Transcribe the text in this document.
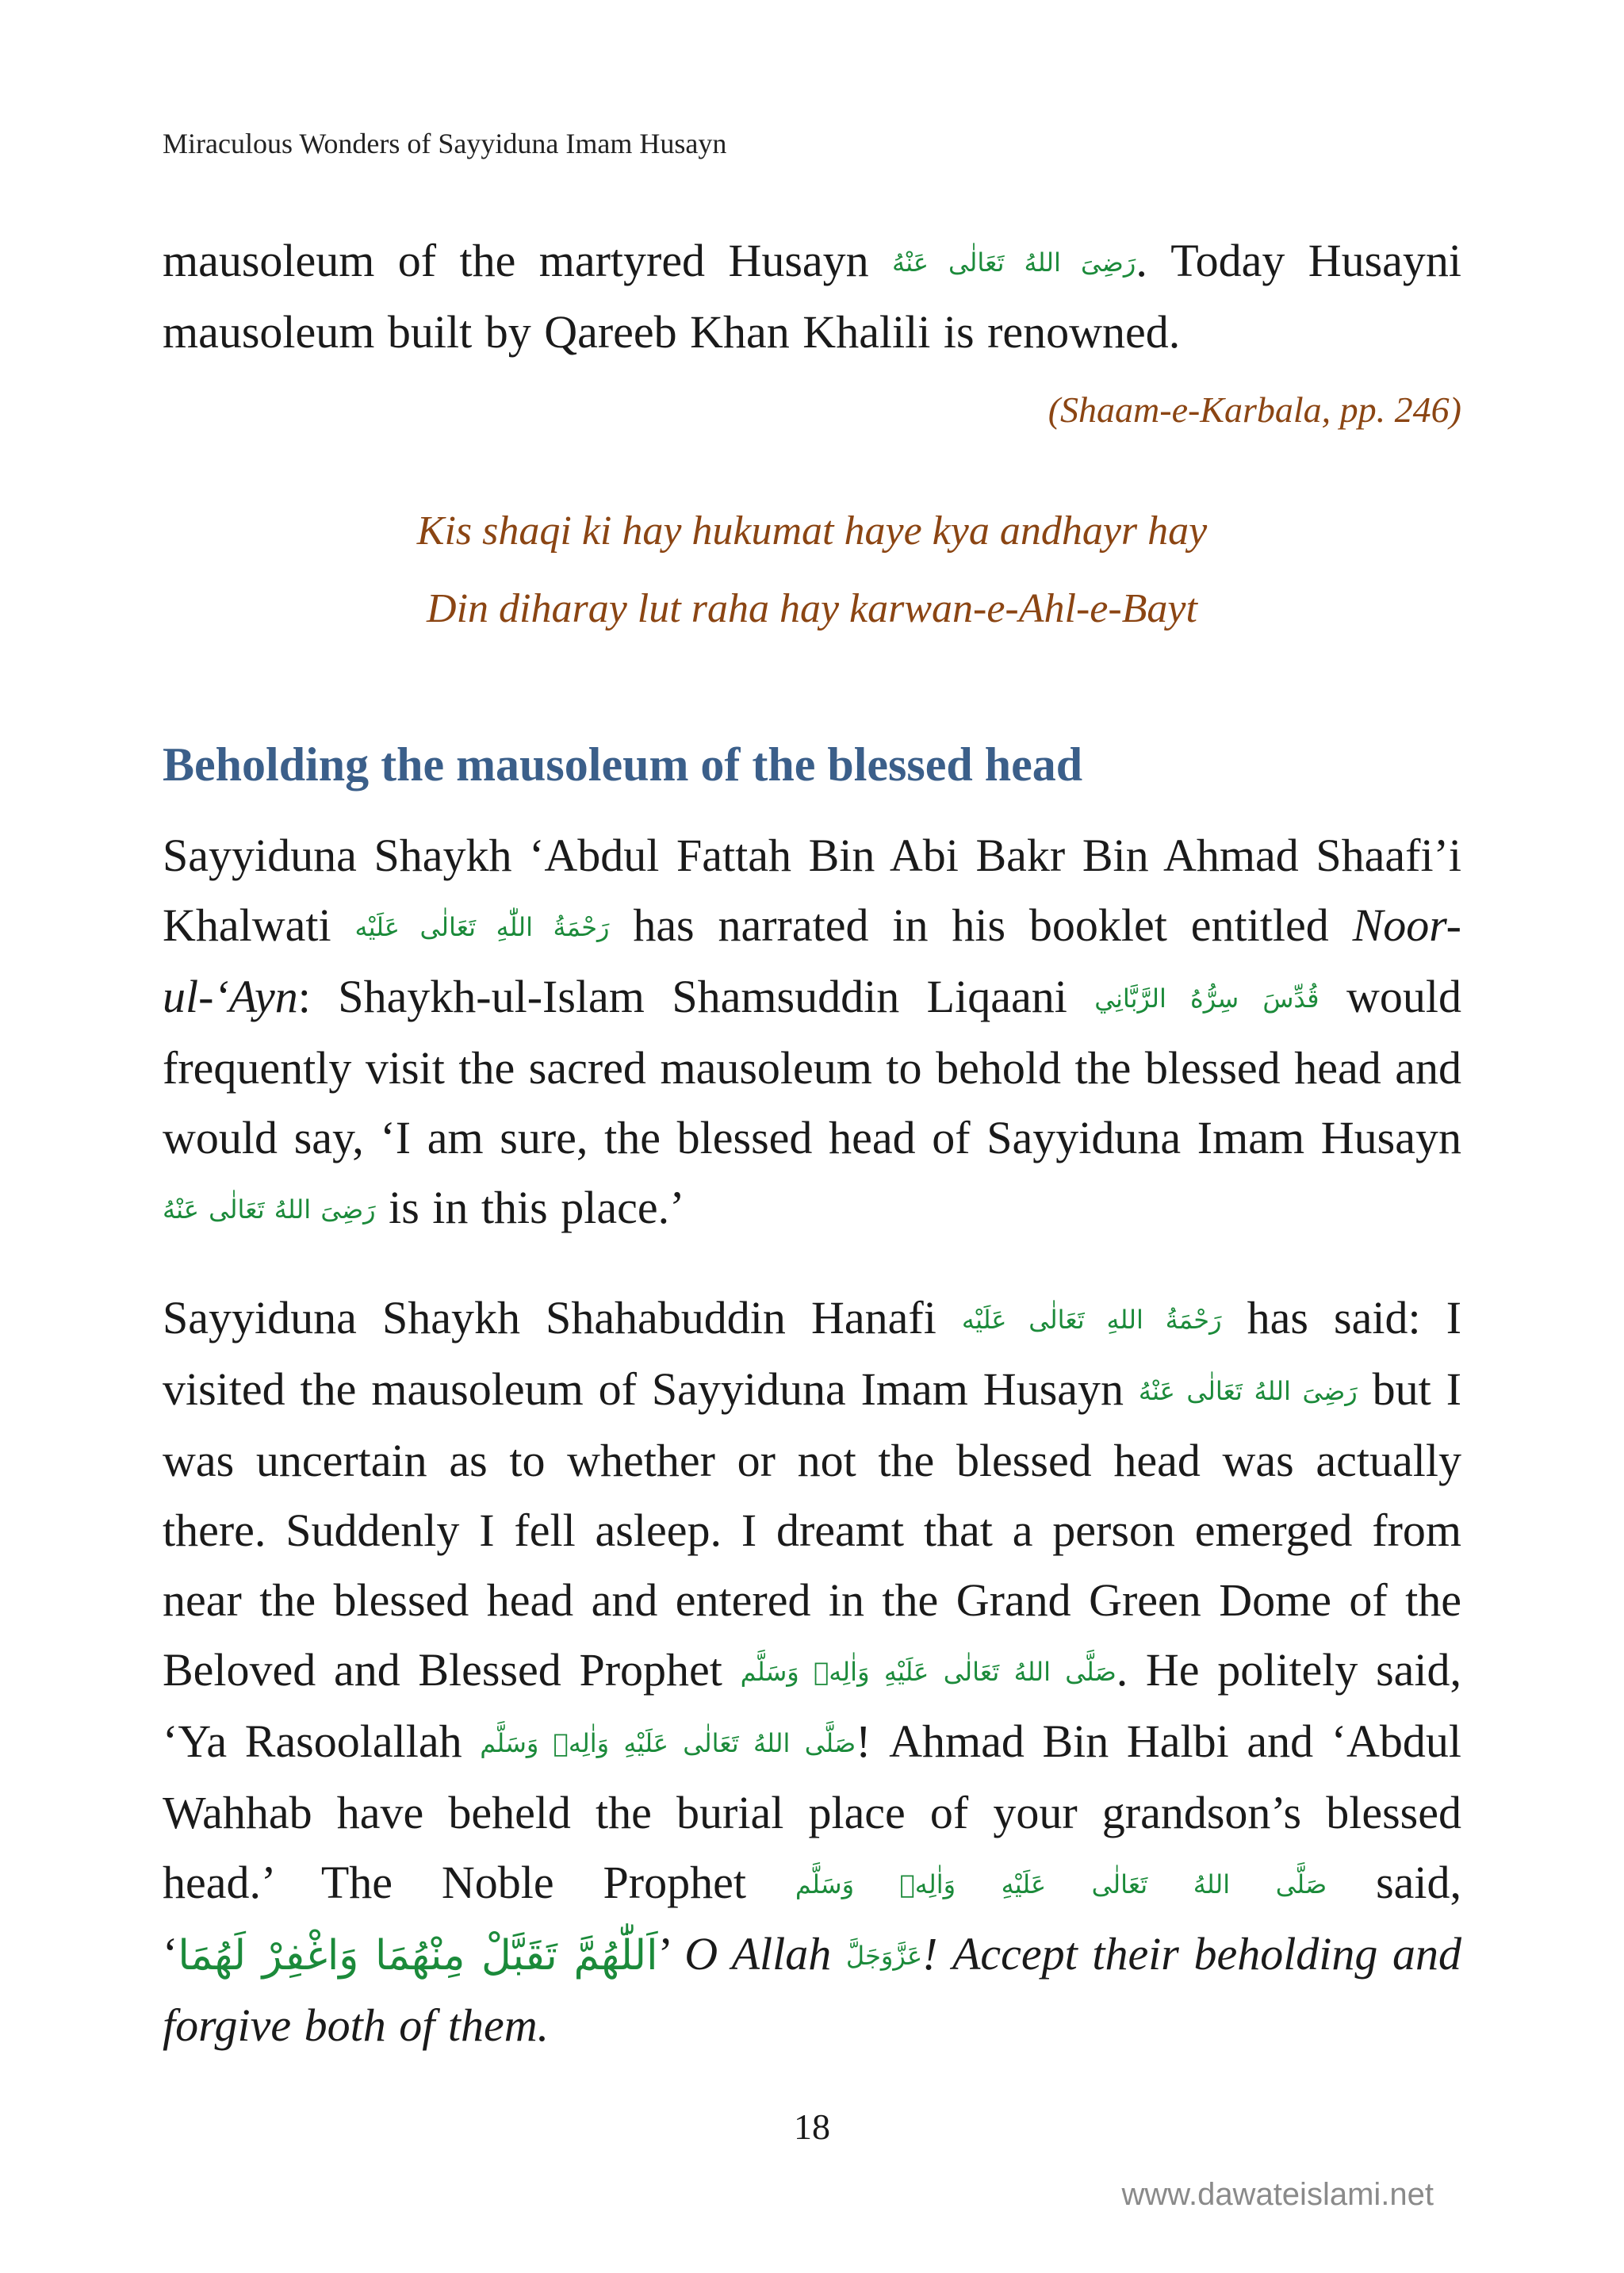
Miraculous Wonders of Sayyiduna Imam Husayn

mausoleum of the martyred Husayn رَضِیَ اللهُ تَعَالٰی عَنْهُ. Today Husayni mausoleum built by Qareeb Khan Khalili is renowned.

(Shaam-e-Karbala, pp. 246)
Kis shaqi ki hay hukumat haye kya andhayr hay
Din diharay lut raha hay karwan-e-Ahl-e-Bayt
Beholding the mausoleum of the blessed head

Sayyiduna Shaykh ‘Abdul Fattah Bin Abi Bakr Bin Ahmad Shaafi’i Khalwati رَحْمَةُ اللّٰهِ تَعَالٰی عَلَيْه has narrated in his booklet entitled Noor-ul-‘Ayn: Shaykh-ul-Islam Shamsuddin Liqaani قُدِّسَ سِرُّهُ الرَّبَّانِي would frequently visit the sacred mausoleum to behold the blessed head and would say, ‘I am sure, the blessed head of Sayyiduna Imam Husayn رَضِیَ اللهُ تَعَالٰی عَنْهُ is in this place.’

Sayyiduna Shaykh Shahabuddin Hanafi رَحْمَةُ اللهِ تَعَالٰی عَلَيْه has said: I visited the mausoleum of Sayyiduna Imam Husayn رَضِیَ اللهُ تَعَالٰی عَنْهُ but I was uncertain as to whether or not the blessed head was actually there. Suddenly I fell asleep. I dreamt that a person emerged from near the blessed head and entered in the Grand Green Dome of the Beloved and Blessed Prophet صَلَّى اللهُ تَعَالٰی عَلَيْهِ وَاٰلِهٖ وَسَلَّم. He politely said, ‘Ya Rasoolallah صَلَّى اللهُ تَعَالٰی عَلَيْهِ وَاٰلِهٖ وَسَلَّم! Ahmad Bin Halbi and ‘Abdul Wahhab have beheld the burial place of your grandson’s blessed head.’ The Noble Prophet صَلَّى اللهُ تَعَالٰی عَلَيْهِ وَاٰلِهٖ وَسَلَّم said, ‘اَللّٰهُمَّ تَقَبَّلْ مِنْهُمَا وَاغْفِرْ لَهُمَا’ O Allah عَزَّوَجَلَّ! Accept their beholding and forgive both of them.

18
www.dawateislami.net
